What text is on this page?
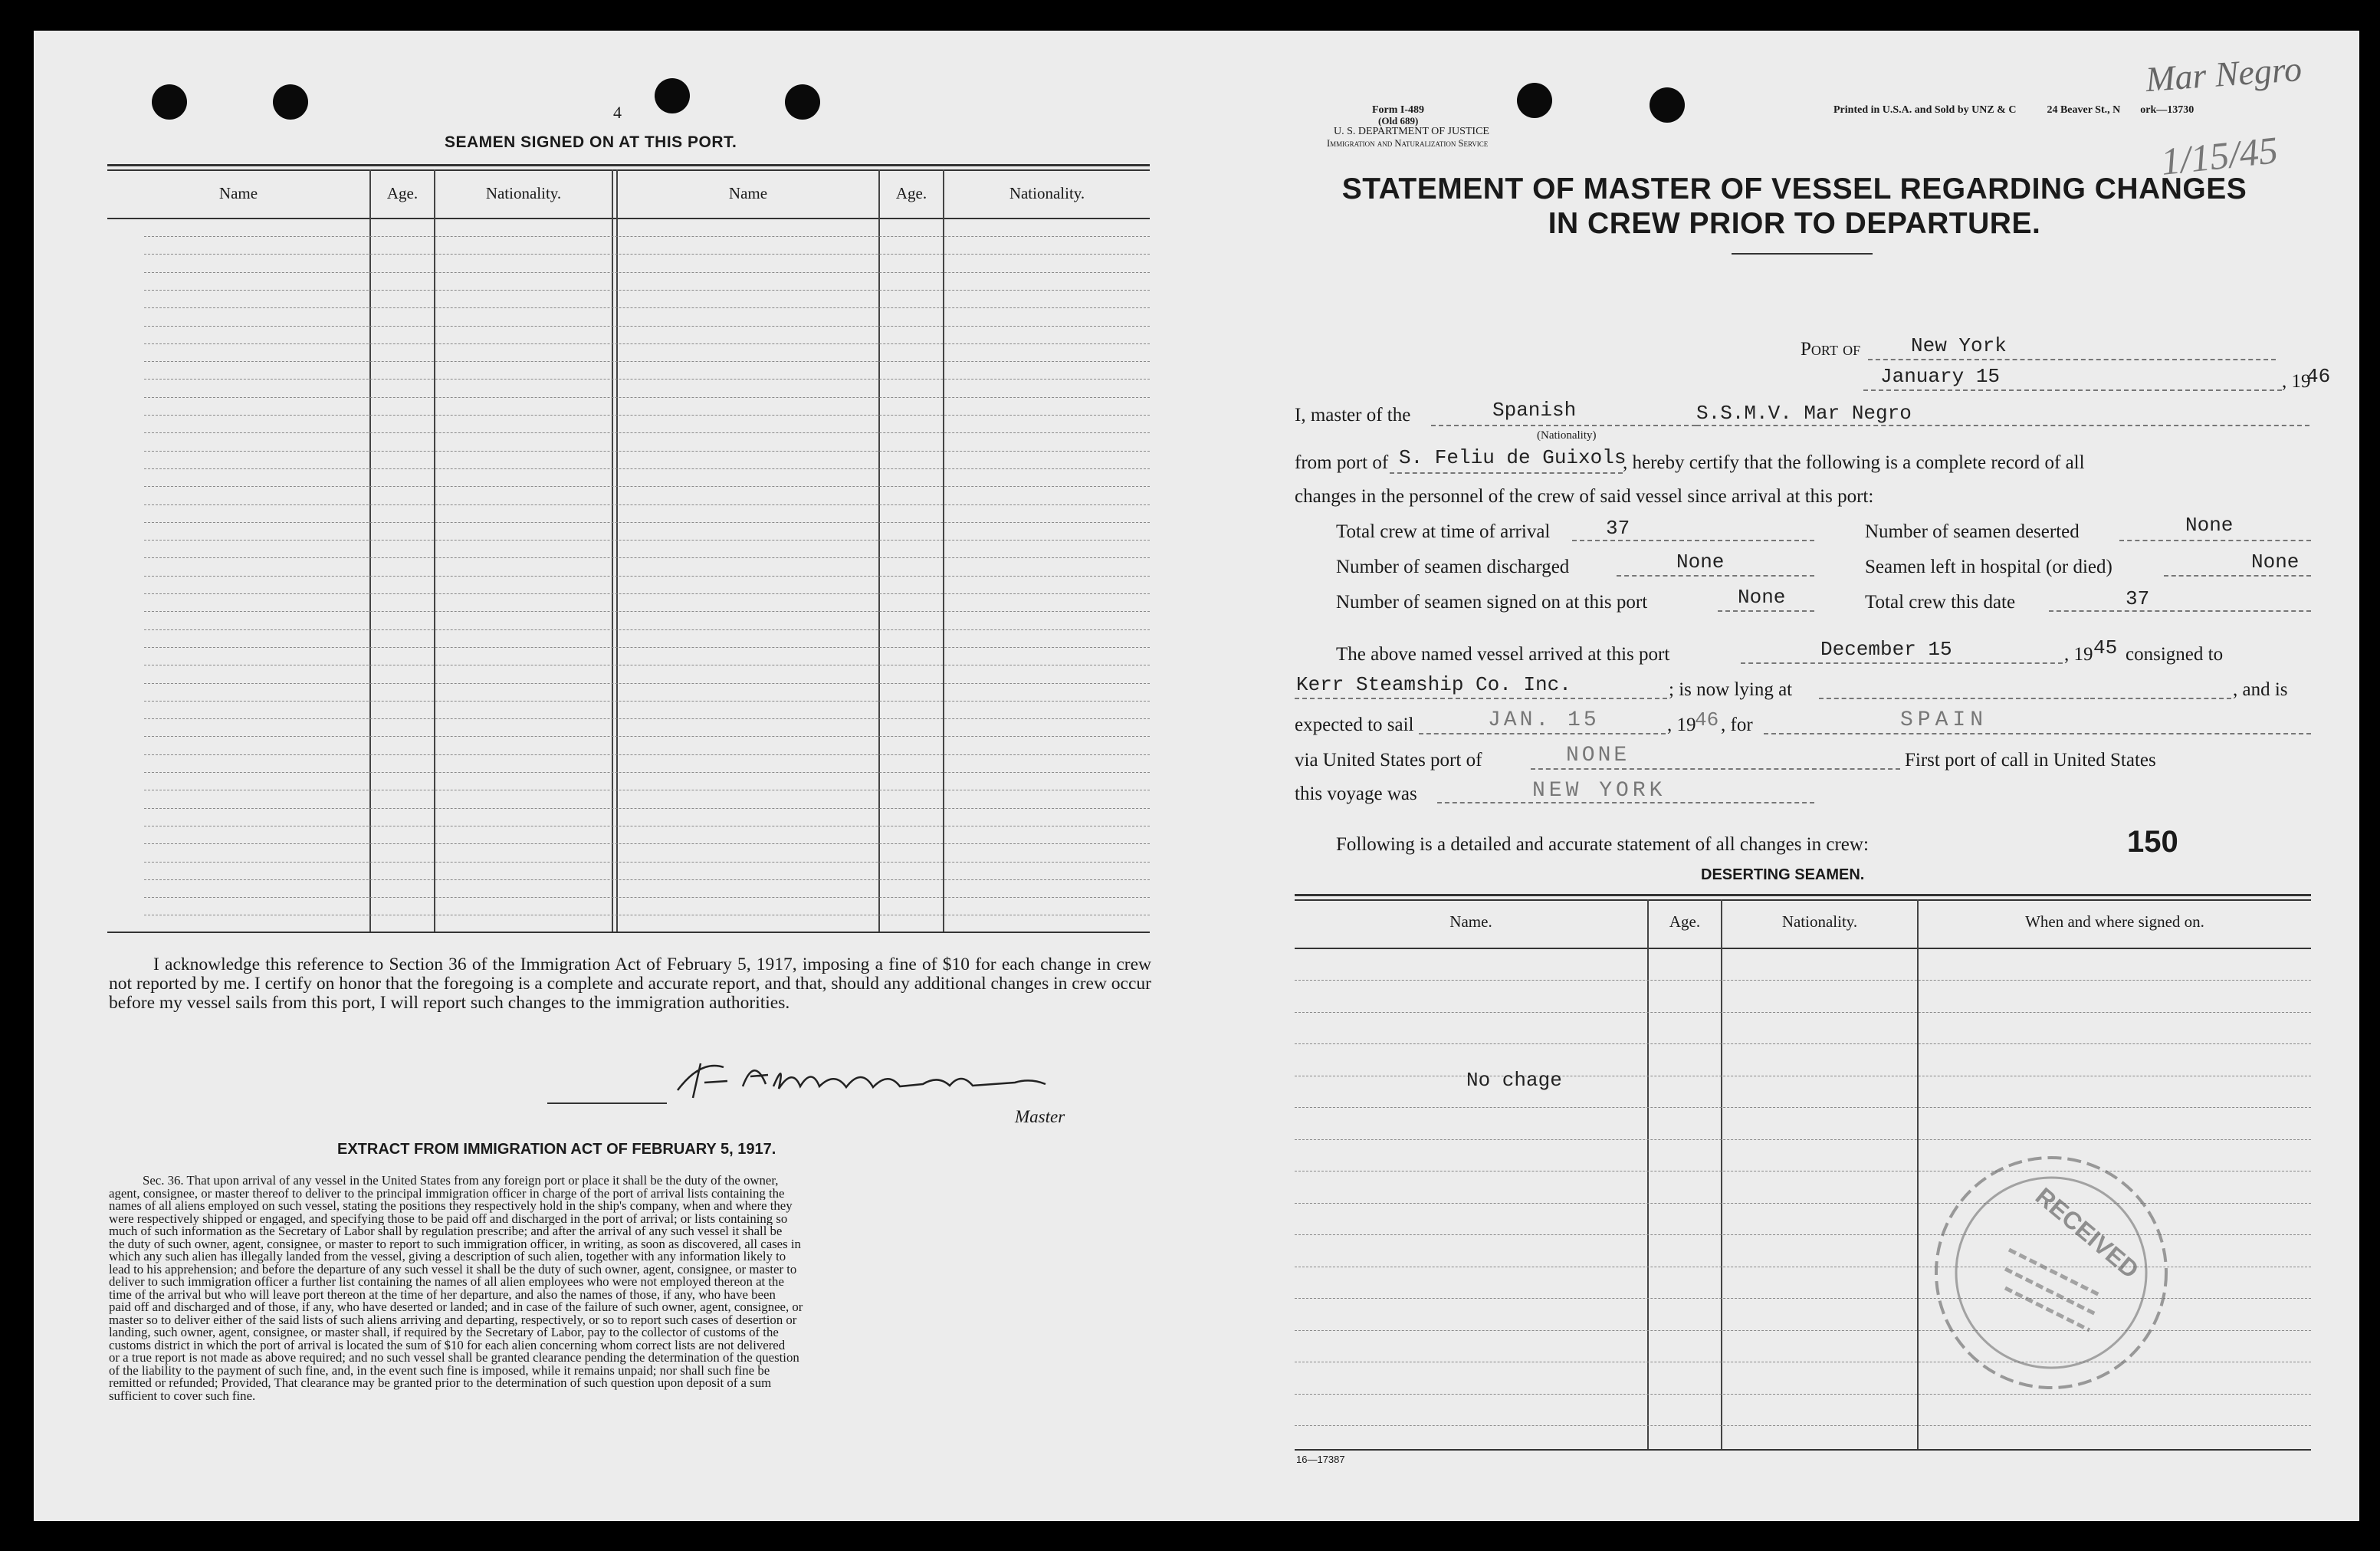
4
SEAMEN SIGNED ON AT THIS PORT.
Name	Age.	Nationality.	Name	Age.	Nationality.
I acknowledge this reference to Section 36 of the Immigration Act of February 5, 1917, imposing a fine of $10 for each change in crew not reported by me. I certify on honor that the foregoing is a complete and accurate report, and that, should any additional changes in crew occur before my vessel sails from this port, I will report such changes to the immigration authorities.
Master
EXTRACT FROM IMMIGRATION ACT OF FEBRUARY 5, 1917.
Sec. 36. That upon arrival of any vessel in the United States from any foreign port or place it shall be the duty of the owner,
agent, consignee, or master thereof to deliver to the principal immigration officer in charge of the port of arrival lists containing the
names of all aliens employed on such vessel, stating the positions they respectively hold in the ship's company, when and where they
were respectively shipped or engaged, and specifying those to be paid off and discharged in the port of arrival; or lists containing so
much of such information as the Secretary of Labor shall by regulation prescribe; and after the arrival of any such vessel it shall be
the duty of such owner, agent, consignee, or master to report to such immigration officer, in writing, as soon as discovered, all cases in
which any such alien has illegally landed from the vessel, giving a description of such alien, together with any information likely to
lead to his apprehension; and before the departure of any such vessel it shall be the duty of such owner, agent, consignee, or master to
deliver to such immigration officer a further list containing the names of all alien employees who were not employed thereon at the
time of the arrival but who will leave port thereon at the time of her departure, and also the names of those, if any, who have been
paid off and discharged and of those, if any, who have deserted or landed; and in case of the failure of such owner, agent, consignee, or
master so to deliver either of the said lists of such aliens arriving and departing, respectively, or so to report such cases of desertion or
landing, such owner, agent, consignee, or master shall, if required by the Secretary of Labor, pay to the collector of customs of the
customs district in which the port of arrival is located the sum of $10 for each alien concerning whom correct lists are not delivered
or a true report is not made as above required; and no such vessel shall be granted clearance pending the determination of the question
of the liability to the payment of such fine, and, in the event such fine is imposed, while it remains unpaid; nor shall such fine be
remitted or refunded; Provided, That clearance may be granted prior to the determination of such question upon deposit of a sum
sufficient to cover such fine.
Form I-489
(Old 689)
U. S. DEPARTMENT OF JUSTICE
Immigration and Naturalization Service
Printed in U.S.A. and Sold by UNZ & C	24 Beaver St., N ork—13730
Mar Negro
1/15/45
STATEMENT OF MASTER OF VESSEL REGARDING CHANGES
IN CREW PRIOR TO DEPARTURE.
Port of	New York
January 15	, 19
46
I, master of the	Spanish
(Nationality)
S.S.M.V. Mar Negro
from port of S. Feliu de Guixols
, hereby certify that the following is a complete record of all
changes in the personnel of the crew of said vessel since arrival at this port:
Total crew at time of arrival	37	Number of seamen deserted	None
Number of seamen discharged	None	Seamen left in hospital (or died)	None
Number of seamen signed on at this port	None	Total crew this date	37
The above named vessel arrived at this port	December 15	, 19 45 consigned to
Kerr Steamship Co. Inc.	; is now lying at	, and is
expected to sail	JAN. 15	, 19
46 , for	SPAIN
via United States port of	NONE	First port of call in United States
this voyage was	NEW YORK
Following is a detailed and accurate statement of all changes in crew:	150
DESERTING SEAMEN.
Name.	Age.	Nationality.	When and where signed on.
No chage
RECEIVED
16—17387
